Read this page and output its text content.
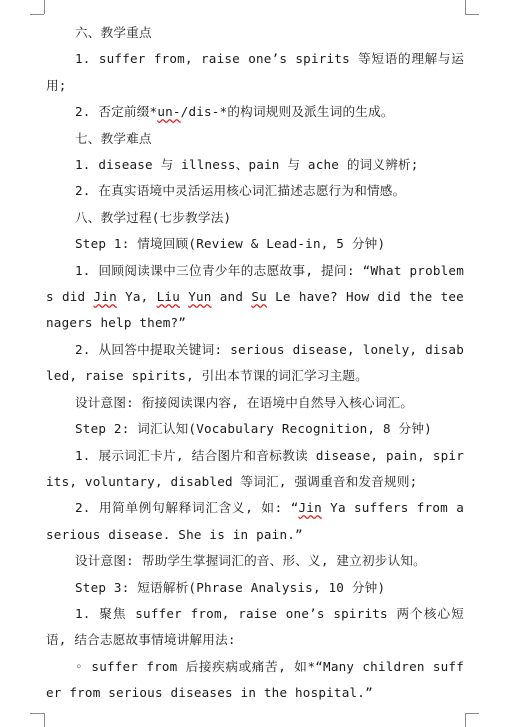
六、教学重点

1. suffer from, raise one’s spirits 等短语的理解与运用;

2. 否定前缀*un-/dis-*的构词规则及派生词的生成。

七、教学难点

1. disease 与 illness、pain 与 ache 的词义辨析;

2. 在真实语境中灵活运用核心词汇描述志愿行为和情感。

八、教学过程(七步教学法)

Step 1: 情境回顾(Review & Lead-in, 5 分钟)

1. 回顾阅读课中三位青少年的志愿故事, 提问: “What problems did Jin Ya, Liu Yun and Su Le have? How did the teenagers help them?”

2. 从回答中提取关键词: serious disease, lonely, disabled, raise spirits, 引出本节课的词汇学习主题。

设计意图: 衔接阅读课内容, 在语境中自然导入核心词汇。

Step 2: 词汇认知(Vocabulary Recognition, 8 分钟)

1. 展示词汇卡片, 结合图片和音标教读 disease, pain, spirits, voluntary, disabled 等词汇, 强调重音和发音规则;

2. 用简单例句解释词汇含义, 如: “Jin Ya suffers from a serious disease. She is in pain.”

设计意图: 帮助学生掌握词汇的音、形、义, 建立初步认知。

Step 3: 短语解析(Phrase Analysis, 10 分钟)

1. 聚焦 suffer from, raise one’s spirits 两个核心短语, 结合志愿故事情境讲解用法:

◦ suffer from 后接疾病或痛苦, 如*“Many children suffer from serious diseases in the hospital.”
